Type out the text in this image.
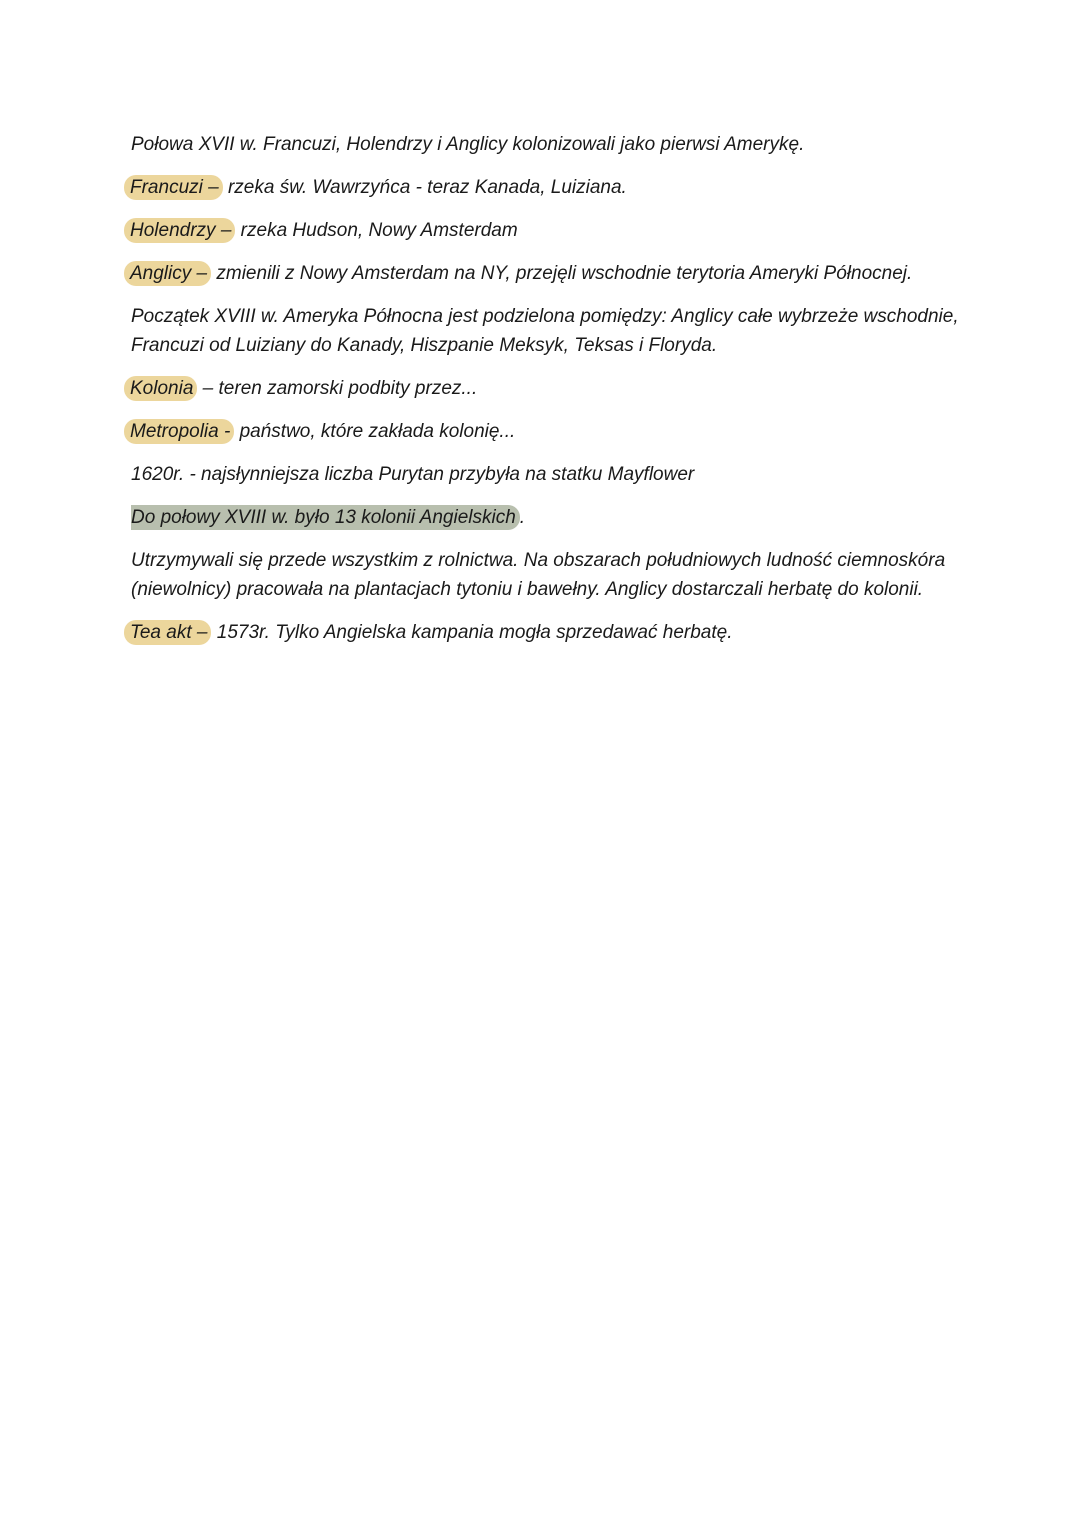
Połowa XVII w. Francuzi, Holendrzy i Anglicy kolonizowali jako pierwsi Amerykę.

Francuzi – rzeka św. Wawrzyńca - teraz Kanada, Luiziana.

Holendrzy – rzeka Hudson, Nowy Amsterdam

Anglicy – zmienili z Nowy Amsterdam na NY, przejęli wschodnie terytoria Ameryki Północnej.

Początek XVIII w. Ameryka Północna jest podzielona pomiędzy: Anglicy całe wybrzeże wschodnie, Francuzi od Luiziany do Kanady, Hiszpanie Meksyk, Teksas i Floryda.

Kolonia – teren zamorski podbity przez...

Metropolia - państwo, które zakłada kolonię...

1620r. - najsłynniejsza liczba Purytan przybyła na statku Mayflower

Do połowy XVIII w. było 13 kolonii Angielskich .

Utrzymywali się przede wszystkim z rolnictwa. Na obszarach południowych ludność ciemnoskóra (niewolnicy) pracowała na plantacjach tytoniu i bawełny. Anglicy dostarczali herbatę do kolonii.

Tea akt – 1573r. Tylko Angielska kampania mogła sprzedawać herbatę.
